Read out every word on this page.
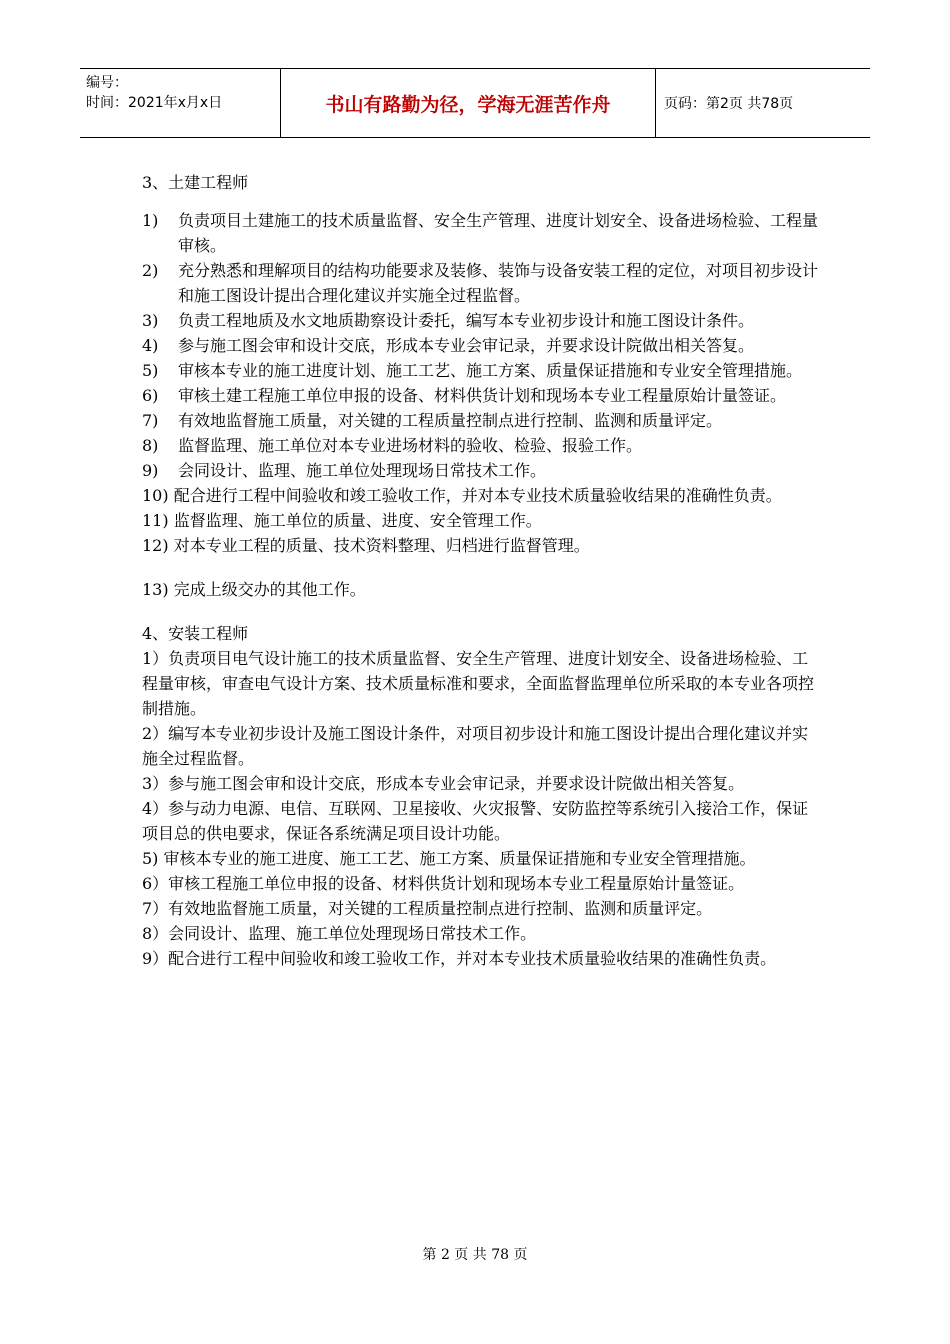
编号：
时间：2021年x月x日	书山有路勤为径，学海无涯苦作舟	页码：第2页 共78页

3、土建工程师

1)	负责项目土建施工的技术质量监督、安全生产管理、进度计划安全、设备进场检验、工程量审核。
2)	充分熟悉和理解项目的结构功能要求及装修、装饰与设备安装工程的定位，对项目初步设计和施工图设计提出合理化建议并实施全过程监督。
3)	负责工程地质及水文地质勘察设计委托，编写本专业初步设计和施工图设计条件。
4)	参与施工图会审和设计交底，形成本专业会审记录，并要求设计院做出相关答复。
5)	审核本专业的施工进度计划、施工工艺、施工方案、质量保证措施和专业安全管理措施。
6)	审核土建工程施工单位申报的设备、材料供货计划和现场本专业工程量原始计量签证。
7)	有效地监督施工质量，对关键的工程质量控制点进行控制、监测和质量评定。
8)	监督监理、施工单位对本专业进场材料的验收、检验、报验工作。
9)	会同设计、监理、施工单位处理现场日常技术工作。

10) 配合进行工程中间验收和竣工验收工作，并对本专业技术质量验收结果的准确性负责。

11) 监督监理、施工单位的质量、进度、安全管理工作。

12) 对本专业工程的质量、技术资料整理、归档进行监督管理。

13) 完成上级交办的其他工作。

4、安装工程师

1）负责项目电气设计施工的技术质量监督、安全生产管理、进度计划安全、设备进场检验、工程量审核，审查电气设计方案、技术质量标准和要求，全面监督监理单位所采取的本专业各项控制措施。

2）编写本专业初步设计及施工图设计条件，对项目初步设计和施工图设计提出合理化建议并实施全过程监督。

3）参与施工图会审和设计交底，形成本专业会审记录，并要求设计院做出相关答复。

4）参与动力电源、电信、互联网、卫星接收、火灾报警、安防监控等系统引入接洽工作，保证项目总的供电要求，保证各系统满足项目设计功能。

5) 审核本专业的施工进度、施工工艺、施工方案、质量保证措施和专业安全管理措施。

6）审核工程施工单位申报的设备、材料供货计划和现场本专业工程量原始计量签证。

7）有效地监督施工质量，对关键的工程质量控制点进行控制、监测和质量评定。

8）会同设计、监理、施工单位处理现场日常技术工作。

9）配合进行工程中间验收和竣工验收工作，并对本专业技术质量验收结果的准确性负责。

第 2 页 共 78 页
